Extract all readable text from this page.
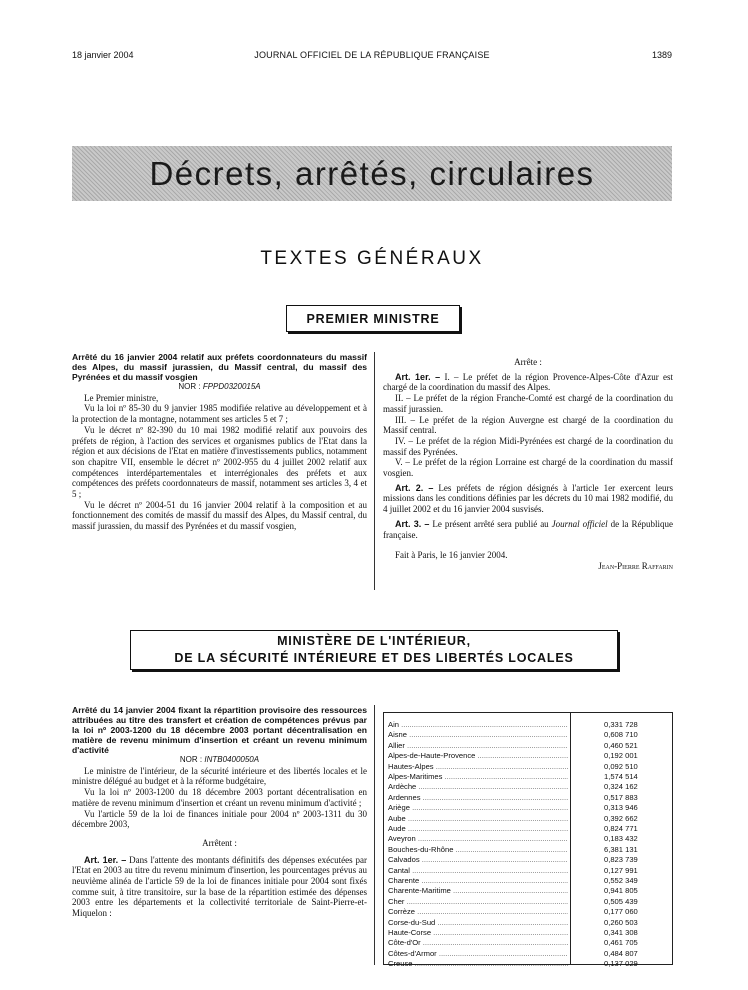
18 janvier 2004	JOURNAL OFFICIEL DE LA RÉPUBLIQUE FRANÇAISE	1389
Décrets, arrêtés, circulaires
TEXTES GÉNÉRAUX
PREMIER MINISTRE

Arrêté du 16 janvier 2004 relatif aux préfets coordonnateurs du massif des Alpes, du massif jurassien, du Massif central, du massif des Pyrénées et du massif vosgien

NOR : FPPD0320015A

Le Premier ministre,

Vu la loi nº 85-30 du 9 janvier 1985 modifiée relative au développement et à la protection de la montagne, notamment ses articles 5 et 7 ;

Vu le décret nº 82-390 du 10 mai 1982 modifié relatif aux pouvoirs des préfets de région, à l'action des services et organismes publics de l'Etat dans la région et aux décisions de l'Etat en matière d'investissements publics, notamment son chapitre VII, ensemble le décret nº 2002-955 du 4 juillet 2002 relatif aux compétences interdépartementales et interrégionales des préfets et aux compétences des préfets coordonnateurs de massif, notamment ses articles 3, 4 et 5 ;

Vu le décret nº 2004-51 du 16 janvier 2004 relatif à la composition et au fonctionnement des comités de massif du massif des Alpes, du Massif central, du massif jurassien, du massif des Pyrénées et du massif vosgien,

Arrête :

Art. 1er. – I. – Le préfet de la région Provence-Alpes-Côte d'Azur est chargé de la coordination du massif des Alpes.

II. – Le préfet de la région Franche-Comté est chargé de la coordination du massif jurassien.

III. – Le préfet de la région Auvergne est chargé de la coordination du Massif central.

IV. – Le préfet de la région Midi-Pyrénées est chargé de la coordination du massif des Pyrénées.

V. – Le préfet de la région Lorraine est chargé de la coordination du massif vosgien.

Art. 2. – Les préfets de région désignés à l'article 1er exercent leurs missions dans les conditions définies par les décrets du 10 mai 1982 modifié, du 4 juillet 2002 et du 16 janvier 2004 susvisés.

Art. 3. – Le présent arrêté sera publié au Journal officiel de la République française.

Fait à Paris, le 16 janvier 2004.

Jean-Pierre Raffarin

MINISTÈRE DE L'INTÉRIEUR,
DE LA SÉCURITÉ INTÉRIEURE ET DES LIBERTÉS LOCALES

Arrêté du 14 janvier 2004 fixant la répartition provisoire des ressources attribuées au titre des transfert et création de compétences prévus par la loi nº 2003-1200 du 18 décembre 2003 portant décentralisation en matière de revenu minimum d'insertion et créant un revenu minimum d'activité

NOR : INTB0400050A

Le ministre de l'intérieur, de la sécurité intérieure et des libertés locales et le ministre délégué au budget et à la réforme budgétaire,

Vu la loi nº 2003-1200 du 18 décembre 2003 portant décentralisation en matière de revenu minimum d'insertion et créant un revenu minimum d'activité ;

Vu l'article 59 de la loi de finances initiale pour 2004 nº 2003-1311 du 30 décembre 2003,

Arrêtent :

Art. 1er. – Dans l'attente des montants définitifs des dépenses exécutées par l'Etat en 2003 au titre du revenu minimum d'insertion, les pourcentages prévus au neuvième alinéa de l'article 59 de la loi de finances initiale pour 2004 sont fixés comme suit, à titre transitoire, sur la base de la répartition estimée des dépenses 2003 entre les départements et la collectivité territoriale de Saint-Pierre-et-Miquelon :

Ain .....	0,331 728
Aisne .....	0,608 710
Allier .....	0,460 521
Alpes-de-Haute-Provence .....	0,192 001
Hautes-Alpes .....	0,092 510
Alpes-Maritimes .....	1,574 514
Ardèche .....	0,324 162
Ardennes .....	0,517 883
Ariège .....	0,313 946
Aube .....	0,392 662
Aude .....	0,824 771
Aveyron .....	0,183 432
Bouches-du-Rhône .....	6,381 131
Calvados .....	0,823 739
Cantal .....	0,127 991
Charente .....	0,552 349
Charente-Maritime .....	0,941 805
Cher .....	0,505 439
Corrèze .....	0,177 060
Corse-du-Sud .....	0,260 503
Haute-Corse .....	0,341 308
Côte-d'Or .....	0,461 705
Côtes-d'Armor .....	0,484 807
Creuse .....	0,137 029
